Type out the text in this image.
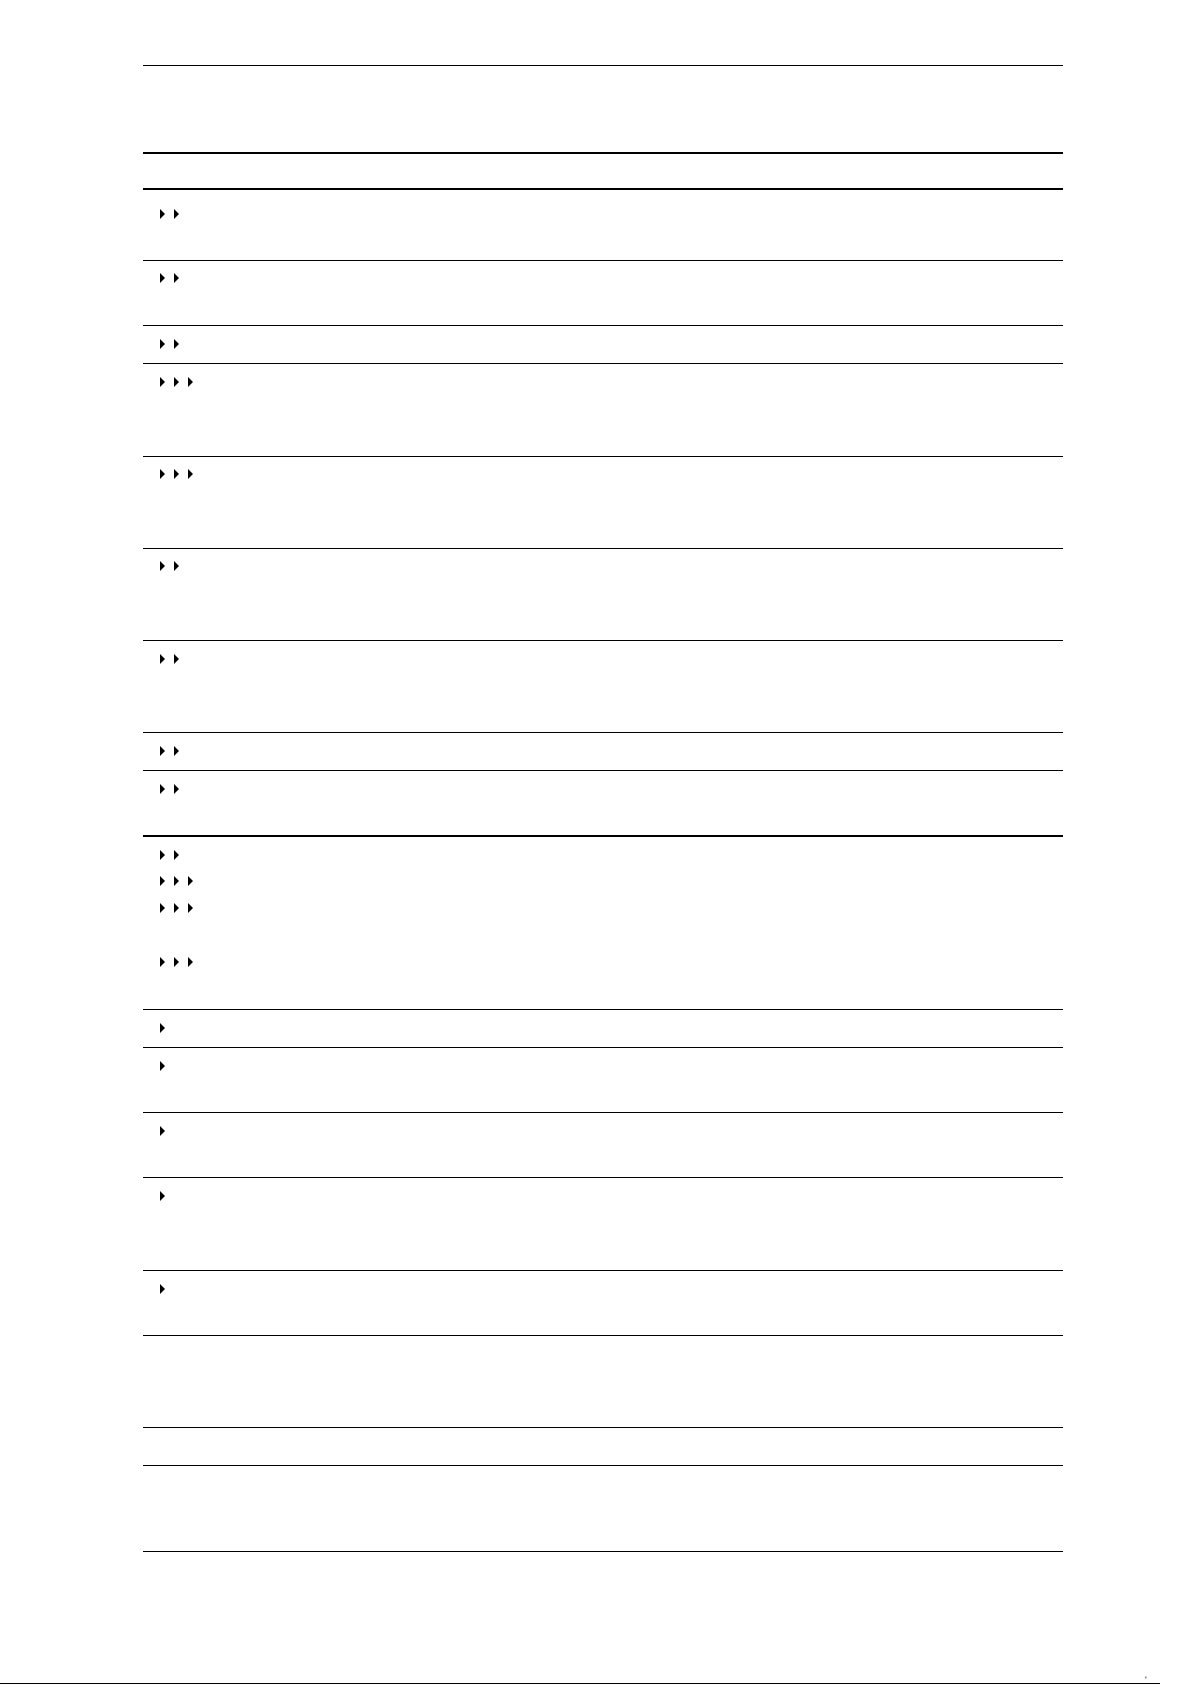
'
